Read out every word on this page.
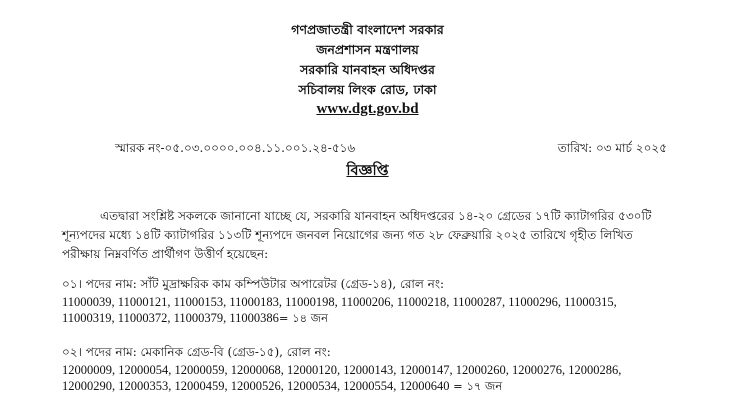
গণপ্রজাতন্ত্রী বাংলাদেশ সরকার
জনপ্রশাসন মন্ত্রণালয়
সরকারি যানবাহন অধিদপ্তর
সচিবালয় লিংক রোড, ঢাকা
www.dgt.gov.bd
স্মারক নং-০৫.০৩.০০০০.০০৪.১১.০০১.২৪-৫১৬	তারিখ: ০৩ মার্চ ২০২৫
বিজ্ঞপ্তি
এতদ্বারা সংশ্লিষ্ট সকলকে জানানো যাচ্ছে যে, সরকারি যানবাহন অধিদপ্তরের ১৪-২০ গ্রেডের ১৭টি ক্যাটাগরির ৫৩০টি
শূন্যপদের মধ্যে ১৪টি ক্যাটাগরির ১১৩টি শূন্যপদে জনবল নিয়োগের জন্য গত ২৮ ফেব্রুয়ারি ২০২৫ তারিখে গৃহীত লিখিত
পরীক্ষায় নিম্নবর্ণিত প্রার্থীগণ উত্তীর্ণ হয়েছেন:
০১। পদের নাম: সাঁট মুদ্রাক্ষরিক কাম কম্পিউটার অপারেটর (গ্রেড-১৪), রোল নং:
11000039, 11000121, 11000153, 11000183, 11000198, 11000206, 11000218, 11000287, 11000296, 11000315,
11000319, 11000372, 11000379, 11000386= ১৪ জন
০২। পদের নাম: মেকানিক গ্রেড-বি (গ্রেড-১৫), রোল নং:
12000009, 12000054, 12000059, 12000068, 12000120, 12000143, 12000147, 12000260, 12000276, 12000286,
12000290, 12000353, 12000459, 12000526, 12000534, 12000554, 12000640 = ১৭ জন
